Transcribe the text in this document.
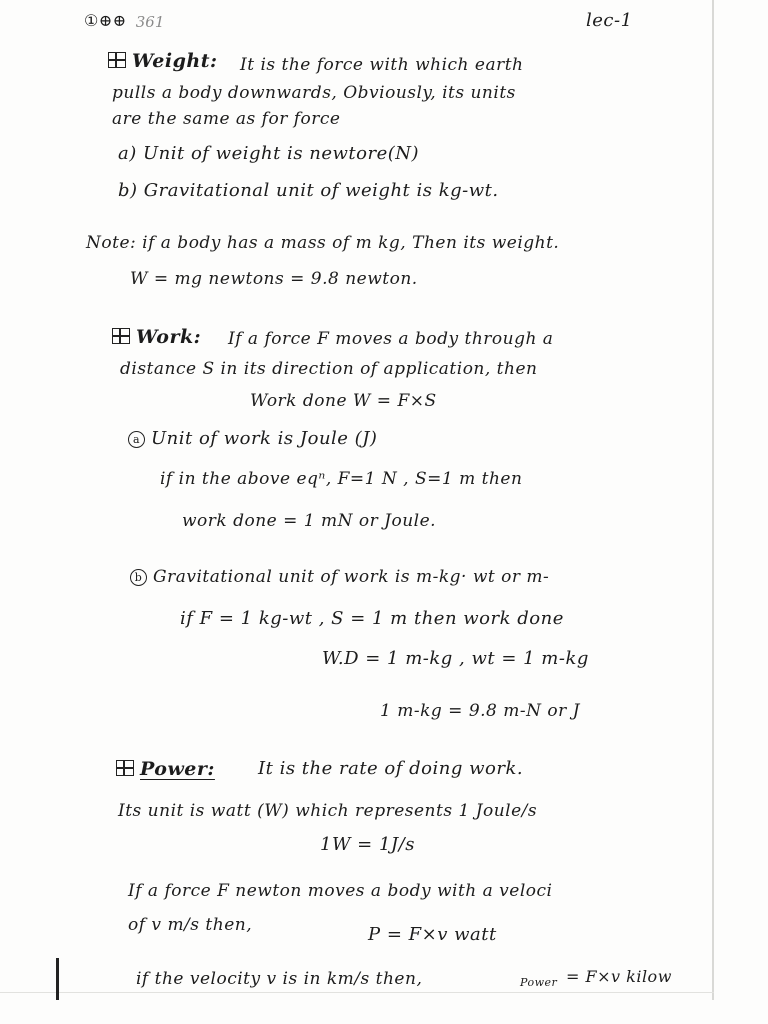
①⊕⊕ 361	lec-1
Weight: It is the force with which earth
pulls a body downwards, Obviously, its units
are the same as for force
a) Unit of weight is newtore(N)
b) Gravitational unit of weight is kg-wt.
Note: if a body has a mass of m kg, Then its weight.
W = mg newtons = 9.8 newton.
Work: If a force F moves a body through a
distance S in its direction of application, then
Work done W = F×S
a Unit of work is Joule (J)
if in the above eqⁿ, F=1 N , S=1 m then
work done = 1 mN or Joule.
b Gravitational unit of work is m-kg· wt or m-
if F = 1 kg-wt , S = 1 m then work done
W.D = 1 m-kg , wt = 1 m-kg
1 m-kg = 9.8 m-N or J
Power: It is the rate of doing work.
Its unit is watt (W) which represents 1 Joule/s
1W = 1J/s
If a force F newton moves a body with a veloci
of v m/s then,	P = F×v watt
if the velocity v is in km/s then,	Power = F×v kilow
